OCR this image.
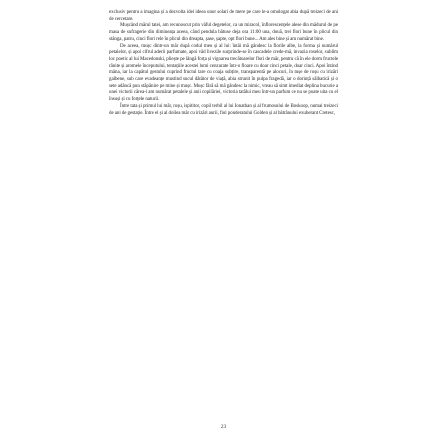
exclusiv pentru a imagina și a dezvolta idei ideea unor solari de mere pe care le-a omologat abia după treizeci de ani de cercetare.

Mușcând mărul tatei, am recunoscut prin văful degetelor, ca un miracol, înflorescențele alese din mădurul de pe masa de sufragerie din dimineața aceea, când pendula bătuse deja ora 11:00 una, două, trei flori bune în plicul din stânga, patru, cinci flori rele în plicul din dreapta, șase, șapte, opt flori bune... Am ales bine și am numărat bine.

De aceea, mușc dintr-un măr după codul meu și al lui: întâi mă gândesc la florile albe, la forma și numărul petalelor, și apoi cifrul aderii parfumate, apoi văd livezile surprinde-se în cascadele crede-mă, invazia roselor, sublim loc poetic al lui Macedonski, pliește pe lângă forța și vigoarea trecătoarelor flori de măr, pentru că în ele dorm fructele rănite și aromele începutului, tentațiile acestei lumi cenzurate într-o floare cu doar cinci petale, doar cinci. Apoi întind mâna, iar la capătul gestului cuprind fructul tare cu coaja subțire, transparentă pe alocuri, în tușe de roșu cu irizări galbene, sub care evadeanțe mustind sucul dătător de viață, abia strunit în pulpa fragedă, iar o dorință sălbatică și o sete adâncă pun stăpânire pe mine și mușc. Mușc fără să mă gândesc la nimic, vreau să simt imediat deplina bucurie a unei victorii cărea-i am numărat petalele și anii copilăriei, victoria tatălui meu într-un parfum ce nu se poate uita cu el însuși și cu forțele naturii.

Între tata și primul lui măr, roșu, ispititor, copil terbil al lui Ionathan și al frumosului de Boskoop, numai treizeci de ani de gestație. Între el și al doilea măr cu irizări aurii, fiul ponderatului Golden și al bătrânului exuberant Cretesc,

23
